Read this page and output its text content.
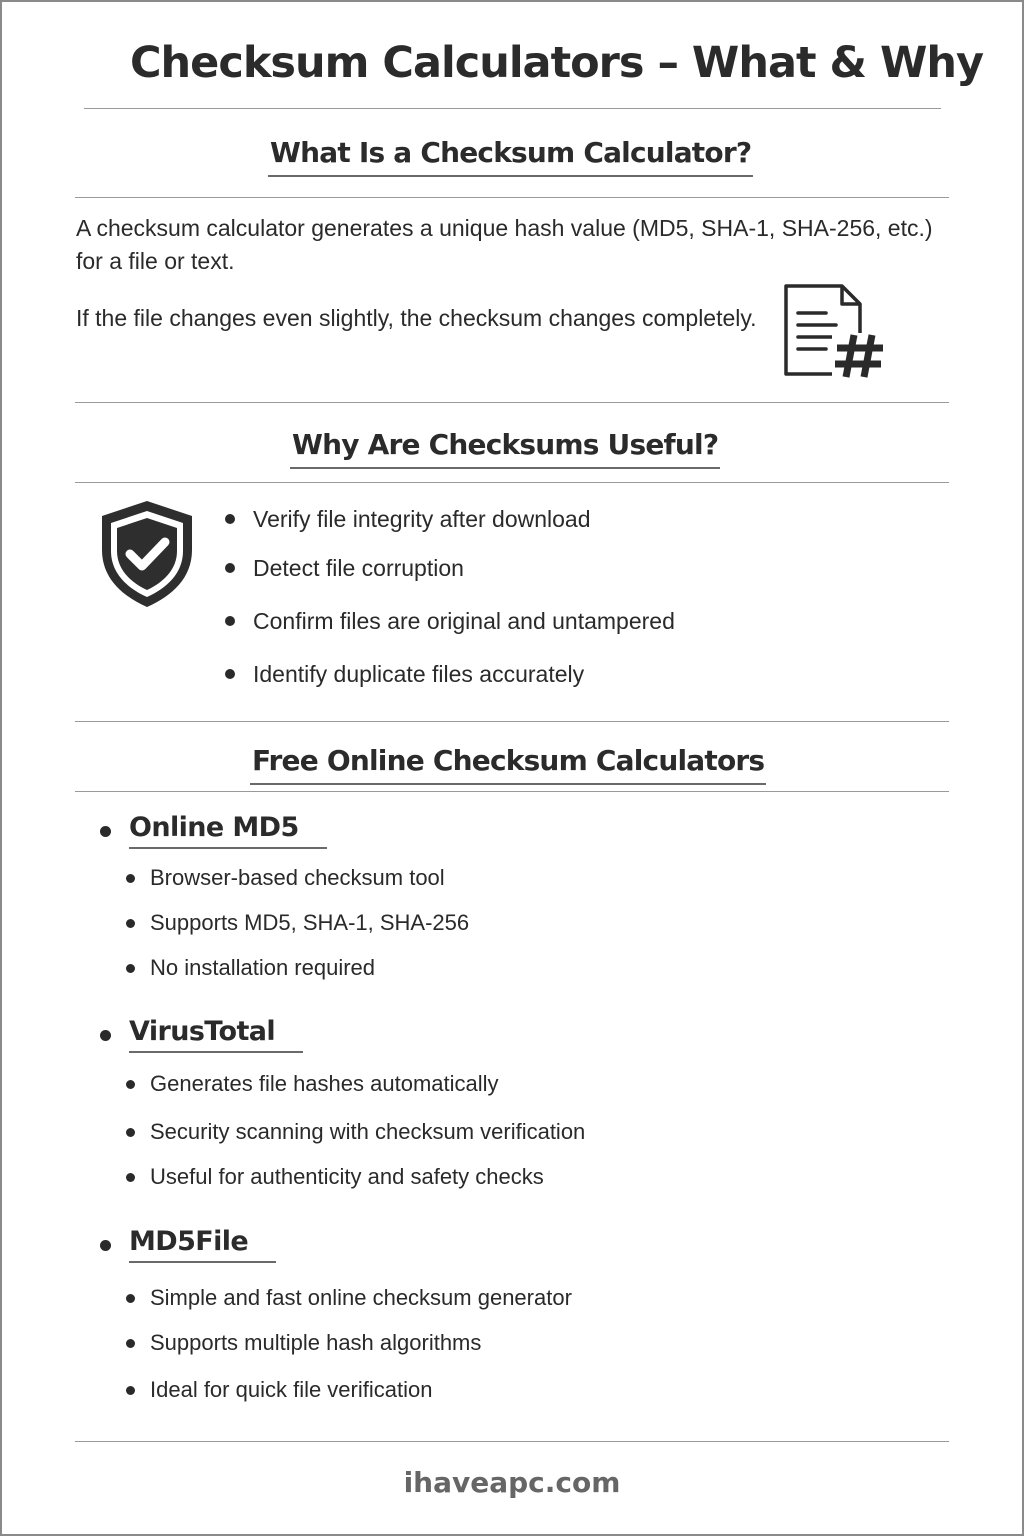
Checksum Calculators – What & Why
What Is a Checksum Calculator?
A checksum calculator generates a unique hash value (MD5, SHA-1, SHA-256, etc.) for a file or text.
If the file changes even slightly, the checksum changes completely.
Why Are Checksums Useful?
Verify file integrity after download
Detect file corruption
Confirm files are original and untampered
Identify duplicate files accurately
Free Online Checksum Calculators
Online MD5
Browser-based checksum tool
Supports MD5, SHA-1, SHA-256
No installation required
VirusTotal
Generates file hashes automatically
Security scanning with checksum verification
Useful for authenticity and safety checks
MD5File
Simple and fast online checksum generator
Supports multiple hash algorithms
Ideal for quick file verification
ihaveapc.com
